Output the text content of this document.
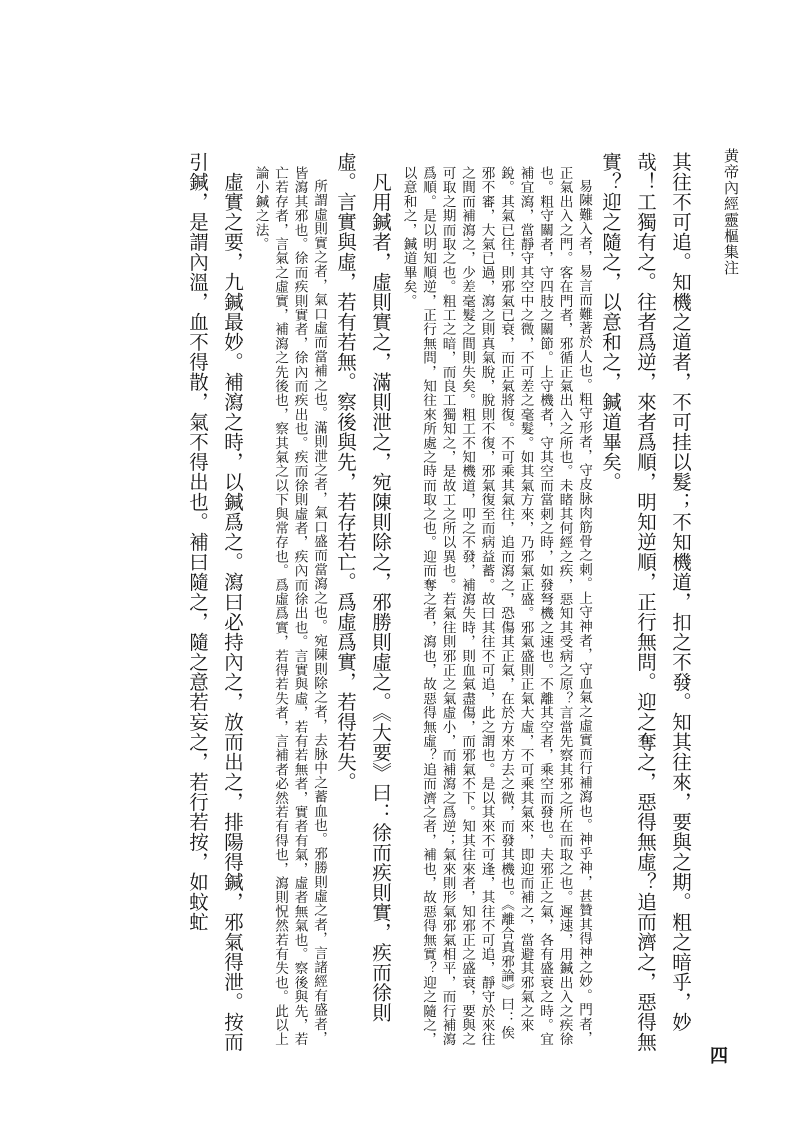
黄帝內經靈樞集注
四

其往不可追。知機之道者，不可挂以髮；不知機道，扣之不發。知其往來，要與之期。粗之暗乎，妙哉！工獨有之。往者爲逆，來者爲順，明知逆順，正行無問。迎之奪之，惡得無虛？追而濟之，惡得無實？迎之隨之，以意和之，鍼道畢矣。

易陳難入者，易言而難著於人也。粗守形者，守皮脉肉筋骨之刺。上守神者，守血氣之虛實而行補瀉也。神乎神，甚贊其得神之妙。門者，正氣出入之門。客在門者，邪循正氣出入之所也。未睹其何經之疾，惡知其受病之原？言當先察其邪之所在而取之也。遲速，用鍼出入之疾徐也。粗守關者，守四肢之關節。上守機者，守其空而當刺之時，如發弩機之速也。不離其空者，乘空而發也。夫邪正之氣，各有盛衰之時。宜補宜瀉，當靜守其空中之微，不可差之毫髮。如其氣方來，乃邪氣正盛。邪氣盛則正氣大虛，不可乘其氣來，即迎而補之，當避其邪氣之來銳。其氣已往，則邪氣已衰，而正氣將復。不可乘其氣往，追而瀉之，恐傷其正氣，在於方來方去之微，而發其機也。《離合真邪論》曰：俟邪不審，大氣已過，瀉之則真氣脫，脫則不復，邪氣復至而病益蓄。故曰其往不可追，此之謂也。是以其來不可逢，其往不可追，靜守於來往之間而補瀉之，少差毫髮之間則失矣。粗工不知機道，叩之不發，補瀉失時，則血氣盡傷，而邪氣不下。知其往來者，知邪正之盛衰，要與之可取之期而取之也。粗工之暗，而良工獨知之，是故工之所以異也。若氣往則邪正之氣虛小，而補瀉之爲逆；氣來則形氣邪氣相平，而行補瀉爲順。是以明知順逆，正行無問，知往來所處之時而取之也。迎而奪之者，瀉也，故惡得無虛？追而濟之者，補也，故惡得無實？迎之隨之，以意和之，鍼道畢矣。

凡用鍼者，虛則實之，滿則泄之，宛陳則除之，邪勝則虛之。《大要》曰：徐而疾則實，疾而徐則虛。言實與虛，若有若無。察後與先，若存若亡。爲虛爲實，若得若失。

所謂虛則實之者，氣口虛而當補之也。滿則泄之者，氣口盛而當瀉之也。宛陳則除之者，去脉中之蓄血也。邪勝則虛之者，言諸經有盛者，皆瀉其邪也。徐而疾則實者，徐內而疾出也。疾而徐則虛者，疾內而徐出也。言實與虛，若有若無者，實者有氣，虛者無氣也。察後與先，若亡若存者，言氣之虛實，補瀉之先後也，察其氣之以下與常存也。爲虛爲實，若得若失者，言補者必然若有得也，瀉則怳然若有失也。此以上論小鍼之法。

虛實之要，九鍼最妙。補瀉之時，以鍼爲之。瀉曰必持內之，放而出之，排陽得鍼，邪氣得泄。按而引鍼，是謂內溫，血不得散，氣不得出也。補曰隨之，隨之意若妄之，若行若按，如蚊虻
